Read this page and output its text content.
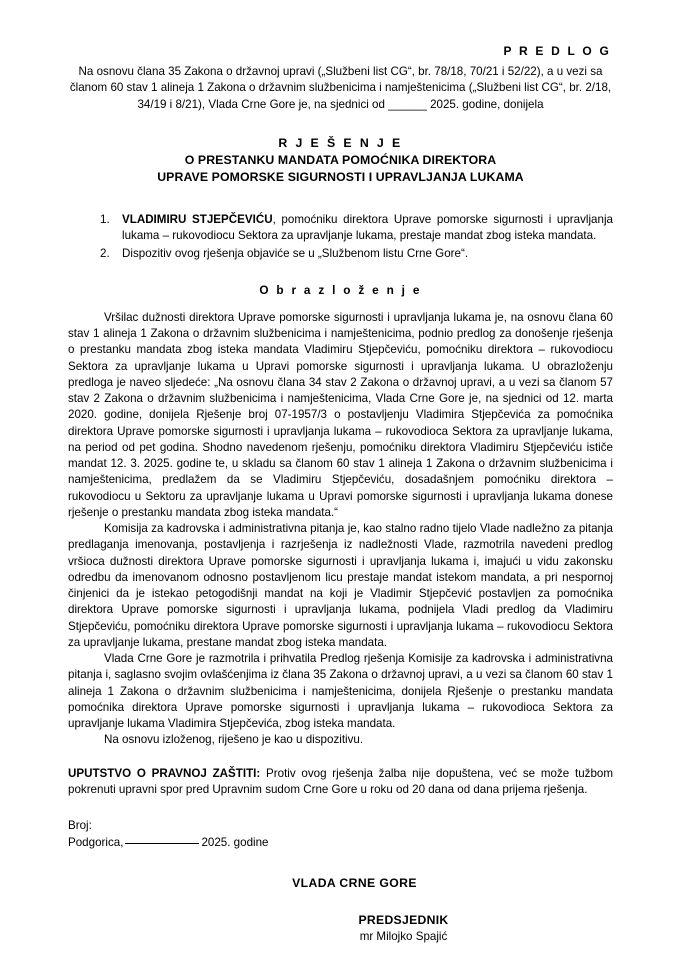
P R E D L O G
Na osnovu člana 35 Zakona o državnoj upravi („Službeni list CG“, br. 78/18, 70/21 i 52/22), a u vezi sa članom 60 stav 1 alineja 1 Zakona o državnim službenicima i namještenicima („Službeni list CG“, br. 2/18, 34/19 i 8/21), Vlada Crne Gore je, na sjednici od ______ 2025. godine, donijela
R J E Š E N J E
O PRESTANKU MANDATA POMOĆNIKA DIREKTORA
UPRAVE POMORSKE SIGURNOSTI I UPRAVLJANJA LUKAMA
VLADIMIRU STJEPČEVIĆU, pomoćniku direktora Uprave pomorske sigurnosti i upravljanja lukama – rukovodiocu Sektora za upravljanje lukama, prestaje mandat zbog isteka mandata.
Dispozitiv ovog rješenja objaviće se u „Službenom listu Crne Gore“.
O b r a z l o ž e n j e

Vršilac dužnosti direktora Uprave pomorske sigurnosti i upravljanja lukama je, na osnovu člana 60 stav 1 alineja 1 Zakona o državnim službenicima i namještenicima, podnio predlog za donošenje rješenja o prestanku mandata zbog isteka mandata Vladimiru Stjepčeviću, pomoćniku direktora – rukovodiocu Sektora za upravljanje lukama u Upravi pomorske sigurnosti i upravljanja lukama. U obrazloženju predloga je naveo sljedeće: „Na osnovu člana 34 stav 2 Zakona o državnoj upravi, a u vezi sa članom 57 stav 2 Zakona o državnim službenicima i namještenicima, Vlada Crne Gore je, na sjednici od 12. marta 2020. godine, donijela Rješenje broj 07-1957/3 o postavljenju Vladimira Stjepčevića za pomoćnika direktora Uprave pomorske sigurnosti i upravljanja lukama – rukovodioca Sektora za upravljanje lukama, na period od pet godina. Shodno navedenom rješenju, pomoćniku direktora Vladimiru Stjepčeviću ističe mandat 12. 3. 2025. godine te, u skladu sa članom 60 stav 1 alineja 1 Zakona o državnim službenicima i namještenicima, predlažem da se Vladimiru Stjepčeviću, dosadašnjem pomoćniku direktora – rukovodiocu u Sektoru za upravljanje lukama u Upravi pomorske sigurnosti i upravljanja lukama donese rješenje o prestanku mandata zbog isteka mandata.“

Komisija za kadrovska i administrativna pitanja je, kao stalno radno tijelo Vlade nadležno za pitanja predlaganja imenovanja, postavljenja i razrješenja iz nadležnosti Vlade, razmotrila navedeni predlog vršioca dužnosti direktora Uprave pomorske sigurnosti i upravljanja lukama i, imajući u vidu zakonsku odredbu da imenovanom odnosno postavljenom licu prestaje mandat istekom mandata, a pri nespornoj činjenici da je istekao petogodišnji mandat na koji je Vladimir Stjepčević postavljen za pomoćnika direktora Uprave pomorske sigurnosti i upravljanja lukama, podnijela Vladi predlog da Vladimiru Stjepčeviću, pomoćniku direktora Uprave pomorske sigurnosti i upravljanja lukama – rukovodiocu Sektora za upravljanje lukama, prestane mandat zbog isteka mandata.

Vlada Crne Gore je razmotrila i prihvatila Predlog rješenja Komisije za kadrovska i administrativna pitanja i, saglasno svojim ovlašćenjima iz člana 35 Zakona o državnoj upravi, a u vezi sa članom 60 stav 1 alineja 1 Zakona o državnim službenicima i namještenicima, donijela Rješenje o prestanku mandata pomoćnika direktora Uprave pomorske sigurnosti i upravljanja lukama – rukovodioca Sektora za upravljanje lukama Vladimira Stjepčevića, zbog isteka mandata.

Na osnovu izloženog, riješeno je kao u dispozitivu.

UPUTSTVO O PRAVNOJ ZAŠTITI: Protiv ovog rješenja žalba nije dopuštena, već se može tužbom pokrenuti upravni spor pred Upravnim sudom Crne Gore u roku od 20 dana od dana prijema rješenja.
Broj:
Podgorica,	2025. godine
VLADA CRNE GORE
PREDSJEDNIK
mr Milojko Spajić
